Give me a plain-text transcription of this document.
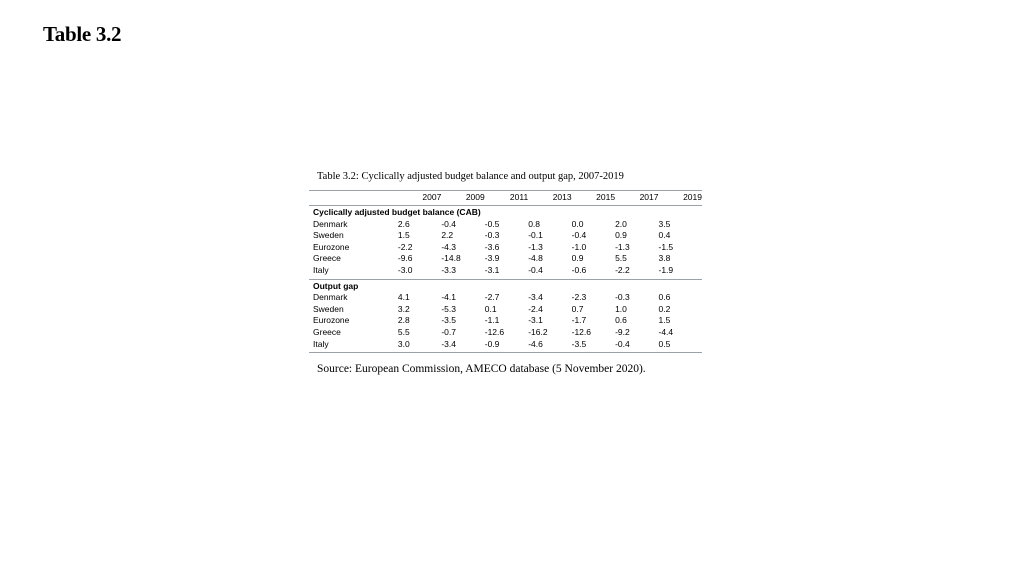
Table 3.2
Table 3.2: Cyclically adjusted budget balance and output gap, 2007-2019
	2007	2009	2011	2013	2015	2017	2019
Cyclically adjusted budget balance (CAB)							
Denmark	2.6	-0.4	-0.5	0.8	0.0	2.0	3.5
Sweden	1.5	2.2	-0.3	-0.1	-0.4	0.9	0.4
Eurozone	-2.2	-4.3	-3.6	-1.3	-1.0	-1.3	-1.5
Greece	-9.6	-14.8	-3.9	-4.8	0.9	5.5	3.8
Italy	-3.0	-3.3	-3.1	-0.4	-0.6	-2.2	-1.9
Output gap							
Denmark	4.1	-4.1	-2.7	-3.4	-2.3	-0.3	0.6
Sweden	3.2	-5.3	0.1	-2.4	0.7	1.0	0.2
Eurozone	2.8	-3.5	-1.1	-3.1	-1.7	0.6	1.5
Greece	5.5	-0.7	-12.6	-16.2	-12.6	-9.2	-4.4
Italy	3.0	-3.4	-0.9	-4.6	-3.5	-0.4	0.5
Source: European Commission, AMECO database (5 November 2020).
